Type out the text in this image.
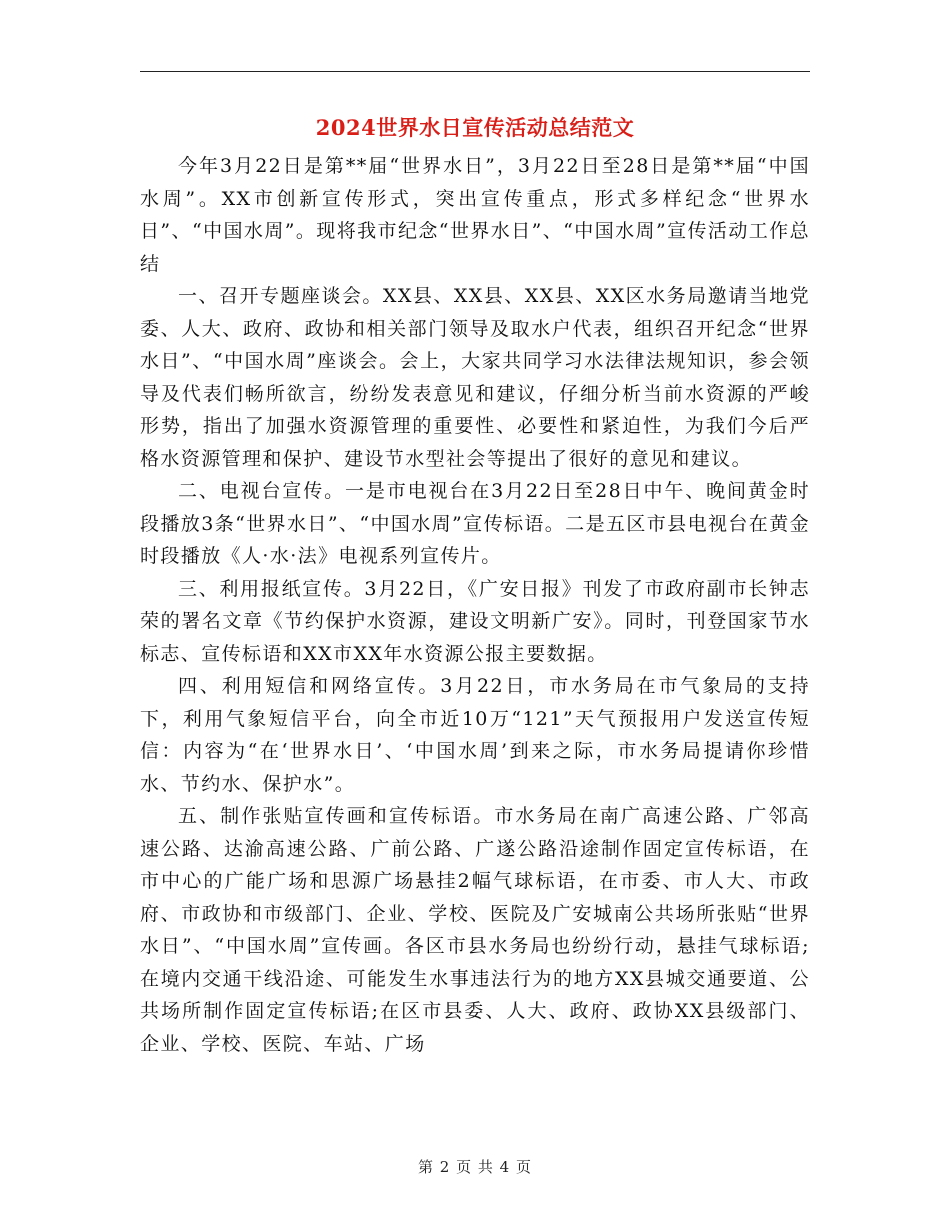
2024世界水日宣传活动总结范文

今年3月22日是第**届“世界水日”，3月22日至28日是第**届“中国水周”。XX市创新宣传形式，突出宣传重点，形式多样纪念“世界水日”、“中国水周”。现将我市纪念“世界水日”、“中国水周”宣传活动工作总结

一、召开专题座谈会。XX县、XX县、XX县、XX区水务局邀请当地党委、人大、政府、政协和相关部门领导及取水户代表，组织召开纪念“世界水日”、“中国水周”座谈会。会上，大家共同学习水法律法规知识，参会领导及代表们畅所欲言，纷纷发表意见和建议，仔细分析当前水资源的严峻形势，指出了加强水资源管理的重要性、必要性和紧迫性，为我们今后严格水资源管理和保护、建设节水型社会等提出了很好的意见和建议。

二、电视台宣传。一是市电视台在3月22日至28日中午、晚间黄金时段播放3条“世界水日”、“中国水周”宣传标语。二是五区市县电视台在黄金时段播放《人·水·法》电视系列宣传片。

三、利用报纸宣传。3月22日，《广安日报》刊发了市政府副市长钟志荣的署名文章《节约保护水资源，建设文明新广安》。同时，刊登国家节水标志、宣传标语和XX市XX年水资源公报主要数据。

四、利用短信和网络宣传。3月22日，市水务局在市气象局的支持下，利用气象短信平台，向全市近10万“121”天气预报用户发送宣传短信：内容为“在‘世界水日’、‘中国水周’到来之际，市水务局提请你珍惜水、节约水、保护水”。

五、制作张贴宣传画和宣传标语。市水务局在南广高速公路、广邻高速公路、达渝高速公路、广前公路、广遂公路沿途制作固定宣传标语，在市中心的广能广场和思源广场悬挂2幅气球标语，在市委、市人大、市政府、市政协和市级部门、企业、学校、医院及广安城南公共场所张贴“世界水日”、“中国水周”宣传画。各区市县水务局也纷纷行动，悬挂气球标语;在境内交通干线沿途、可能发生水事违法行为的地方XX县城交通要道、公共场所制作固定宣传标语;在区市县委、人大、政府、政协XX县级部门、企业、学校、医院、车站、广场

第 2 页 共 4 页
